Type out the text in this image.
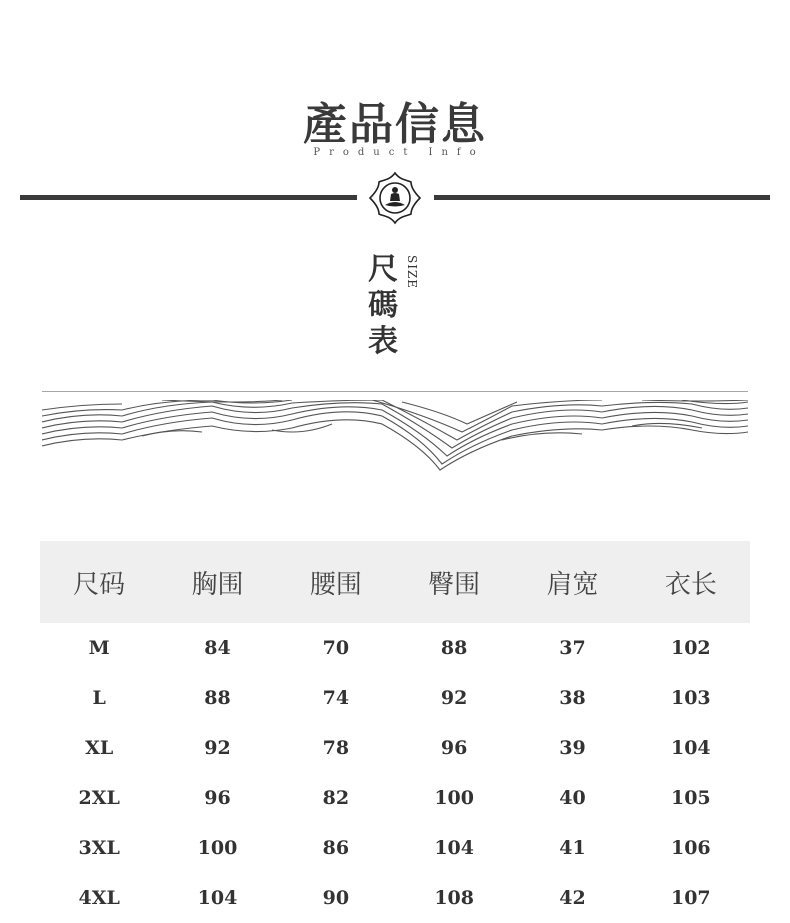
產品信息
Product Info
尺
碼
表
SIZE
尺码	胸围	腰围	臀围	肩宽	衣长
M	84	70	88	37	102
L	88	74	92	38	103
XL	92	78	96	39	104
2XL	96	82	100	40	105
3XL	100	86	104	41	106
4XL	104	90	108	42	107
